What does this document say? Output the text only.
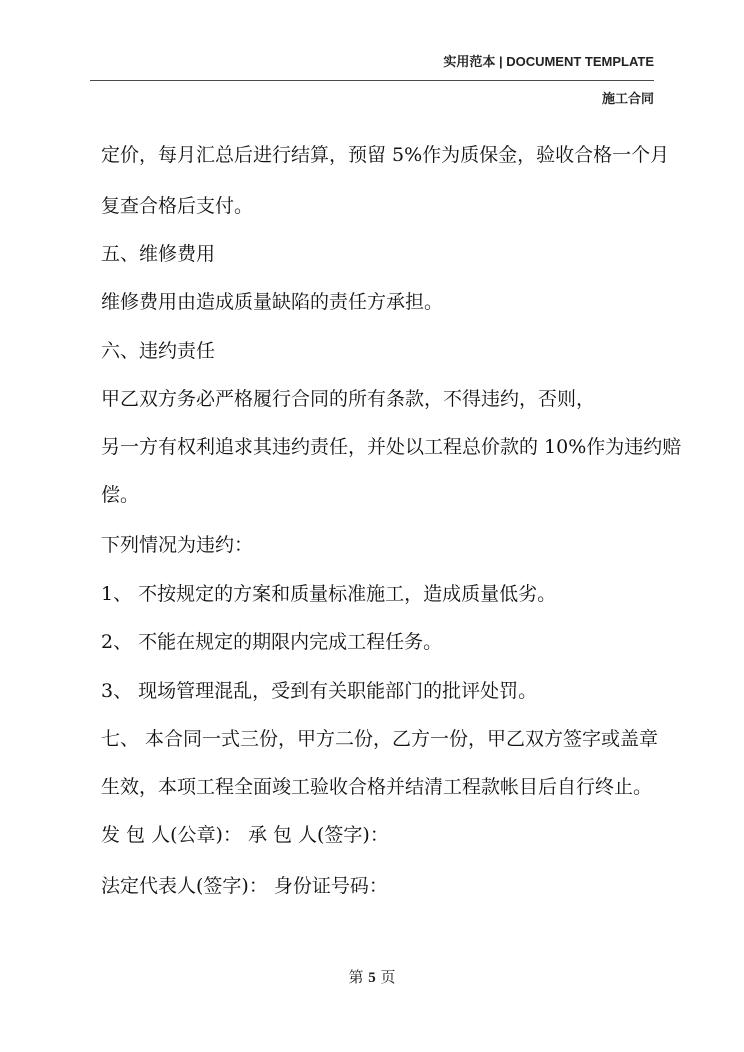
实用范本 | DOCUMENT TEMPLATE
施工合同
定价，每月汇总后进行结算，预留 5%作为质保金，验收合格一个月
复查合格后支付。
五、维修费用
维修费用由造成质量缺陷的责任方承担。
六、违约责任
甲乙双方务必严格履行合同的所有条款，不得违约，否则，
另一方有权利追求其违约责任，并处以工程总价款的 10%作为违约赔
偿。
下列情况为违约：
1、 不按规定的方案和质量标准施工，造成质量低劣。
2、 不能在规定的期限内完成工程任务。
3、 现场管理混乱，受到有关职能部门的批评处罚。
七、 本合同一式三份，甲方二份，乙方一份，甲乙双方签字或盖章
生效，本项工程全面竣工验收合格并结清工程款帐目后自行终止。
发 包 人(公章)： 承 包 人(签字)：
法定代表人(签字)： 身份证号码：
第 5 页
